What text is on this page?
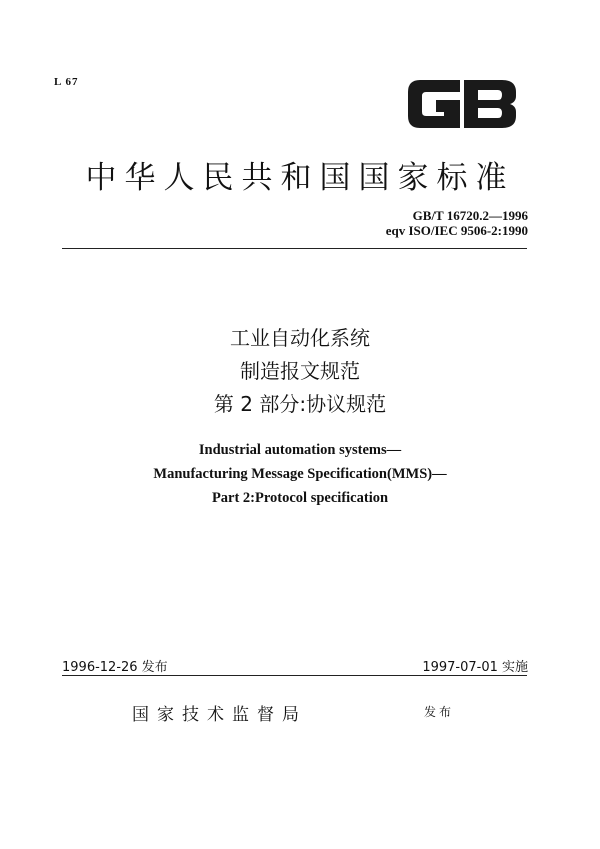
L 67
GB
中华人民共和国国家标准
GB/T 16720.2—1996
eqv ISO/IEC 9506-2:1990
工业自动化系统
制造报文规范
第 2 部分:协议规范
Industrial automation systems—
Manufacturing Message Specification(MMS)—
Part 2:Protocol specification
1996-12-26 发布	1997-07-01 实施
国家技术监督局	发布
